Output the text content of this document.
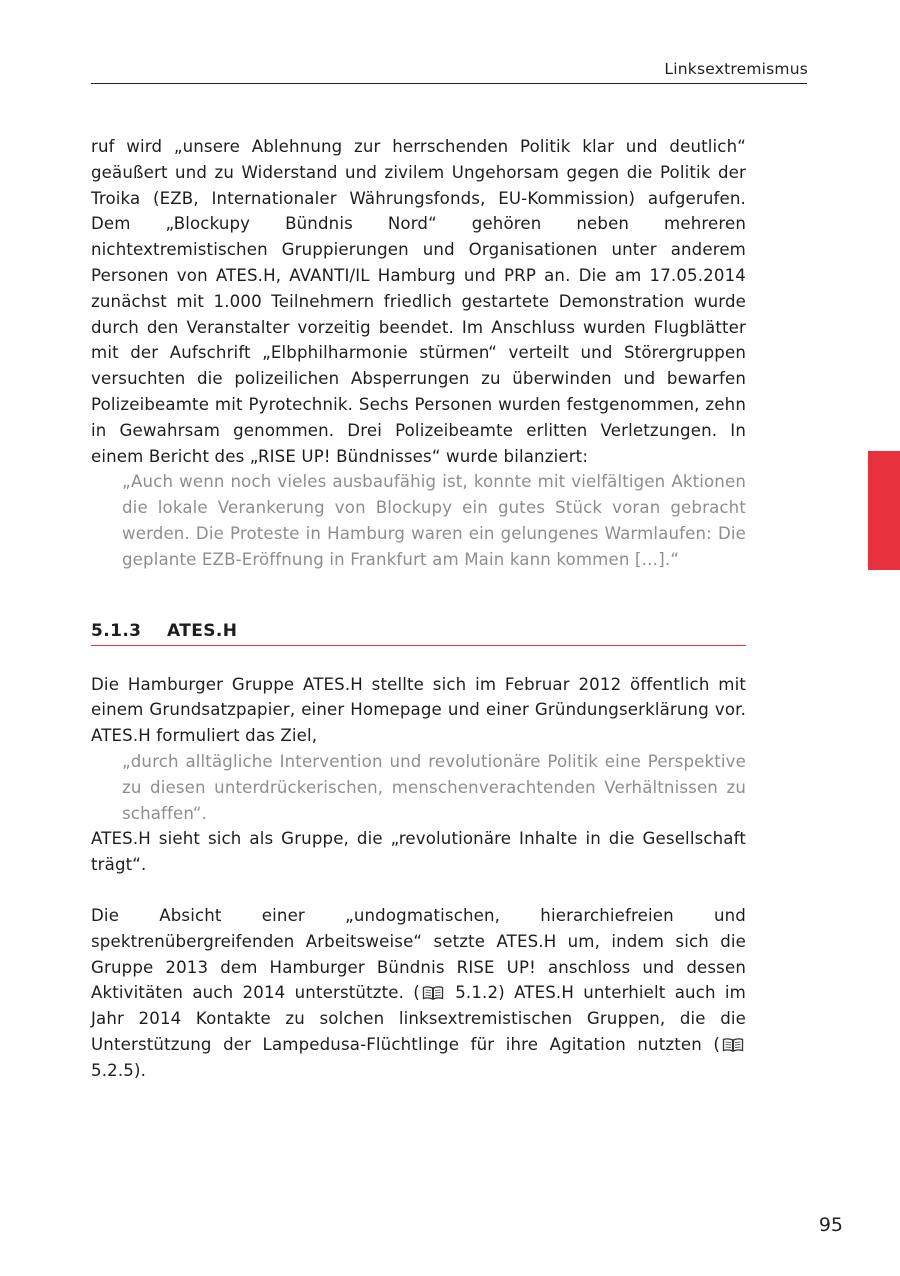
Linksextremismus

ruf wird „unsere Ablehnung zur herrschenden Politik klar und deutlich“ geäußert und zu Widerstand und zivilem Ungehorsam gegen die Politik der Troika (EZB, Internationaler Währungsfonds, EU-Kommission) aufgerufen. Dem „Blockupy Bündnis Nord“ gehören neben mehreren nichtextremistischen Gruppierungen und Organisationen unter anderem Personen von ATES.H, AVANTI/IL Hamburg und PRP an. Die am 17.05.2014 zunächst mit 1.000 Teilnehmern friedlich gestartete Demonstration wurde durch den Veranstalter vorzeitig beendet. Im Anschluss wurden Flugblätter mit der Aufschrift „Elbphilharmonie stürmen“ verteilt und Störergruppen versuchten die polizeilichen Absperrungen zu überwinden und bewarfen Polizeibeamte mit Pyrotechnik. Sechs Personen wurden festgenommen, zehn in Gewahrsam genommen. Drei Polizeibeamte erlitten Verletzungen. In einem Bericht des „RISE UP! Bündnisses“ wurde bilanziert:

„Auch wenn noch vieles ausbaufähig ist, konnte mit vielfältigen Aktionen die lokale Verankerung von Blockupy ein gutes Stück voran gebracht werden. Die Proteste in Hamburg waren ein gelungenes Warmlaufen: Die geplante EZB-Eröffnung in Frankfurt am Main kann kommen […].“

5.1.3	ATES.H

Die Hamburger Gruppe ATES.H stellte sich im Februar 2012 öffentlich mit einem Grundsatzpapier, einer Homepage und einer Gründungserklärung vor. ATES.H formuliert das Ziel,

„durch alltägliche Intervention und revolutionäre Politik eine Perspektive zu diesen unterdrückerischen, menschenverachtenden Verhältnissen zu schaffen“.

ATES.H sieht sich als Gruppe, die „revolutionäre Inhalte in die Gesellschaft trägt“.

Die Absicht einer „undogmatischen, hierarchiefreien und spektrenübergreifenden Arbeitsweise“ setzte ATES.H um, indem sich die Gruppe 2013 dem Hamburger Bündnis RISE UP! anschloss und dessen Aktivitäten auch 2014 unterstützte. ( 5.1.2) ATES.H unterhielt auch im Jahr 2014 Kontakte zu solchen linksextremistischen Gruppen, die die Unterstützung der Lampedusa-Flüchtlinge für ihre Agitation nutzten ( 5.2.5).

95
